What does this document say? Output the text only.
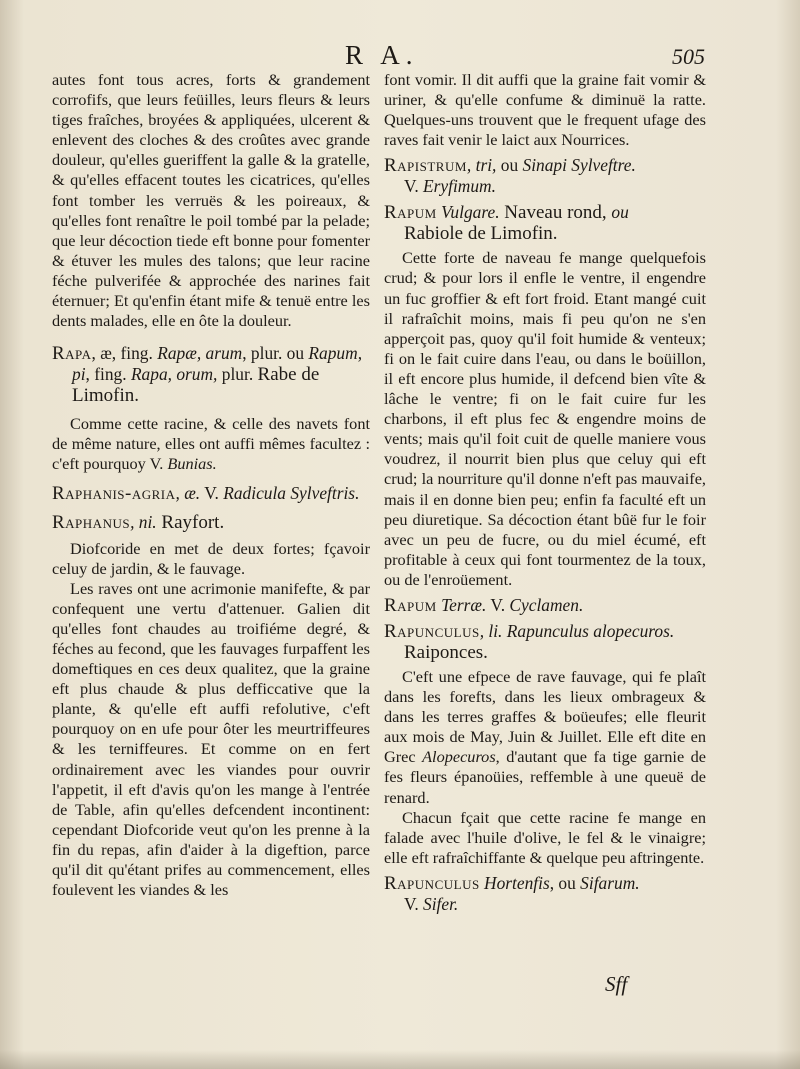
R A.	505

autes font tous acres, forts & grandement corrofifs, que leurs feüilles, leurs fleurs & leurs tiges fraîches, broyées & appliquées, ulcerent & enlevent des cloches & des croûtes avec grande douleur, qu'elles gueriffent la galle & la gratelle, & qu'elles effacent toutes les cicatrices, qu'elles font tomber les verruës & les poireaux, & qu'elles font renaître le poil tombé par la pelade; que leur décoction tiede eft bonne pour fomenter & étuver les mules des talons; que leur racine féche pulverifée & approchée des narines fait éternuer; Et qu'enfin étant mife & tenuë entre les dents malades, elle en ôte la douleur.

Rapa, æ, fing. Rapæ, arum, plur. ou Rapum, pi, fing. Rapa, orum, plur. Rabe de Limofin.

Comme cette racine, & celle des navets font de même nature, elles ont auffi mêmes facultez : c'eft pourquoy V. Bunias.

Raphanis-agria, æ. V. Radicula Sylveftris.
Raphanus, ni. Rayfort.

Diofcoride en met de deux fortes; fçavoir celuy de jardin, & le fauvage.

Les raves ont une acrimonie manifefte, & par confequent une vertu d'attenuer. Galien dit qu'elles font chaudes au troifiéme degré, & féches au fecond, que les fauvages furpaffent les domeftiques en ces deux qualitez, que la graine eft plus chaude & plus defficcative que la plante, & qu'elle eft auffi refolutive, c'eft pourquoy on en ufe pour ôter les meurtriffeures & les terniffeures. Et comme on en fert ordinairement avec les viandes pour ouvrir l'appetit, il eft d'avis qu'on les mange à l'entrée de Table, afin qu'elles defcendent incontinent: cependant Diofcoride veut qu'on les prenne à la fin du repas, afin d'aider à la digeftion, parce qu'il dit qu'étant prifes au commencement, elles foulevent les viandes & les

font vomir. Il dit auffi que la graine fait vomir & uriner, & qu'elle confume & diminuë la ratte. Quelques-uns trouvent que le frequent ufage des raves fait venir le laict aux Nourrices.

Rapistrum, tri, ou Sinapi Sylveftre.
V. Eryfimum.
Rapum Vulgare. Naveau rond, ou
Rabiole de Limofin.

Cette forte de naveau fe mange quelquefois crud; & pour lors il enfle le ventre, il engendre un fuc groffier & eft fort froid. Etant mangé cuit il rafraîchit moins, mais fi peu qu'on ne s'en apperçoit pas, quoy qu'il foit humide & venteux; fi on le fait cuire dans l'eau, ou dans le boüillon, il eft encore plus humide, il defcend bien vîte & lâche le ventre; fi on le fait cuire fur les charbons, il eft plus fec & engendre moins de vents; mais qu'il foit cuit de quelle maniere vous voudrez, il nourrit bien plus que celuy qui eft crud; la nourriture qu'il donne n'eft pas mauvaife, mais il en donne bien peu; enfin fa faculté eft un peu diuretique. Sa décoction étant bûë fur le foir avec un peu de fucre, ou du miel écumé, eft profitable à ceux qui font tourmentez de la toux, ou de l'enroüement.

Rapum Terræ. V. Cyclamen.
Rapunculus, li. Rapunculus alopecuros. Raiponces.

C'eft une efpece de rave fauvage, qui fe plaît dans les forefts, dans les lieux ombrageux & dans les terres graffes & boüeufes; elle fleurit aux mois de May, Juin & Juillet. Elle eft dite en Grec Alopecuros, d'autant que fa tige garnie de fes fleurs épanoüies, reffemble à une queuë de renard.

Chacun fçait que cette racine fe mange en falade avec l'huile d'olive, le fel & le vinaigre; elle eft rafraîchiffante & quelque peu aftringente.

Rapunculus Hortenfis, ou Sifarum.
V. Sifer.
Sff
